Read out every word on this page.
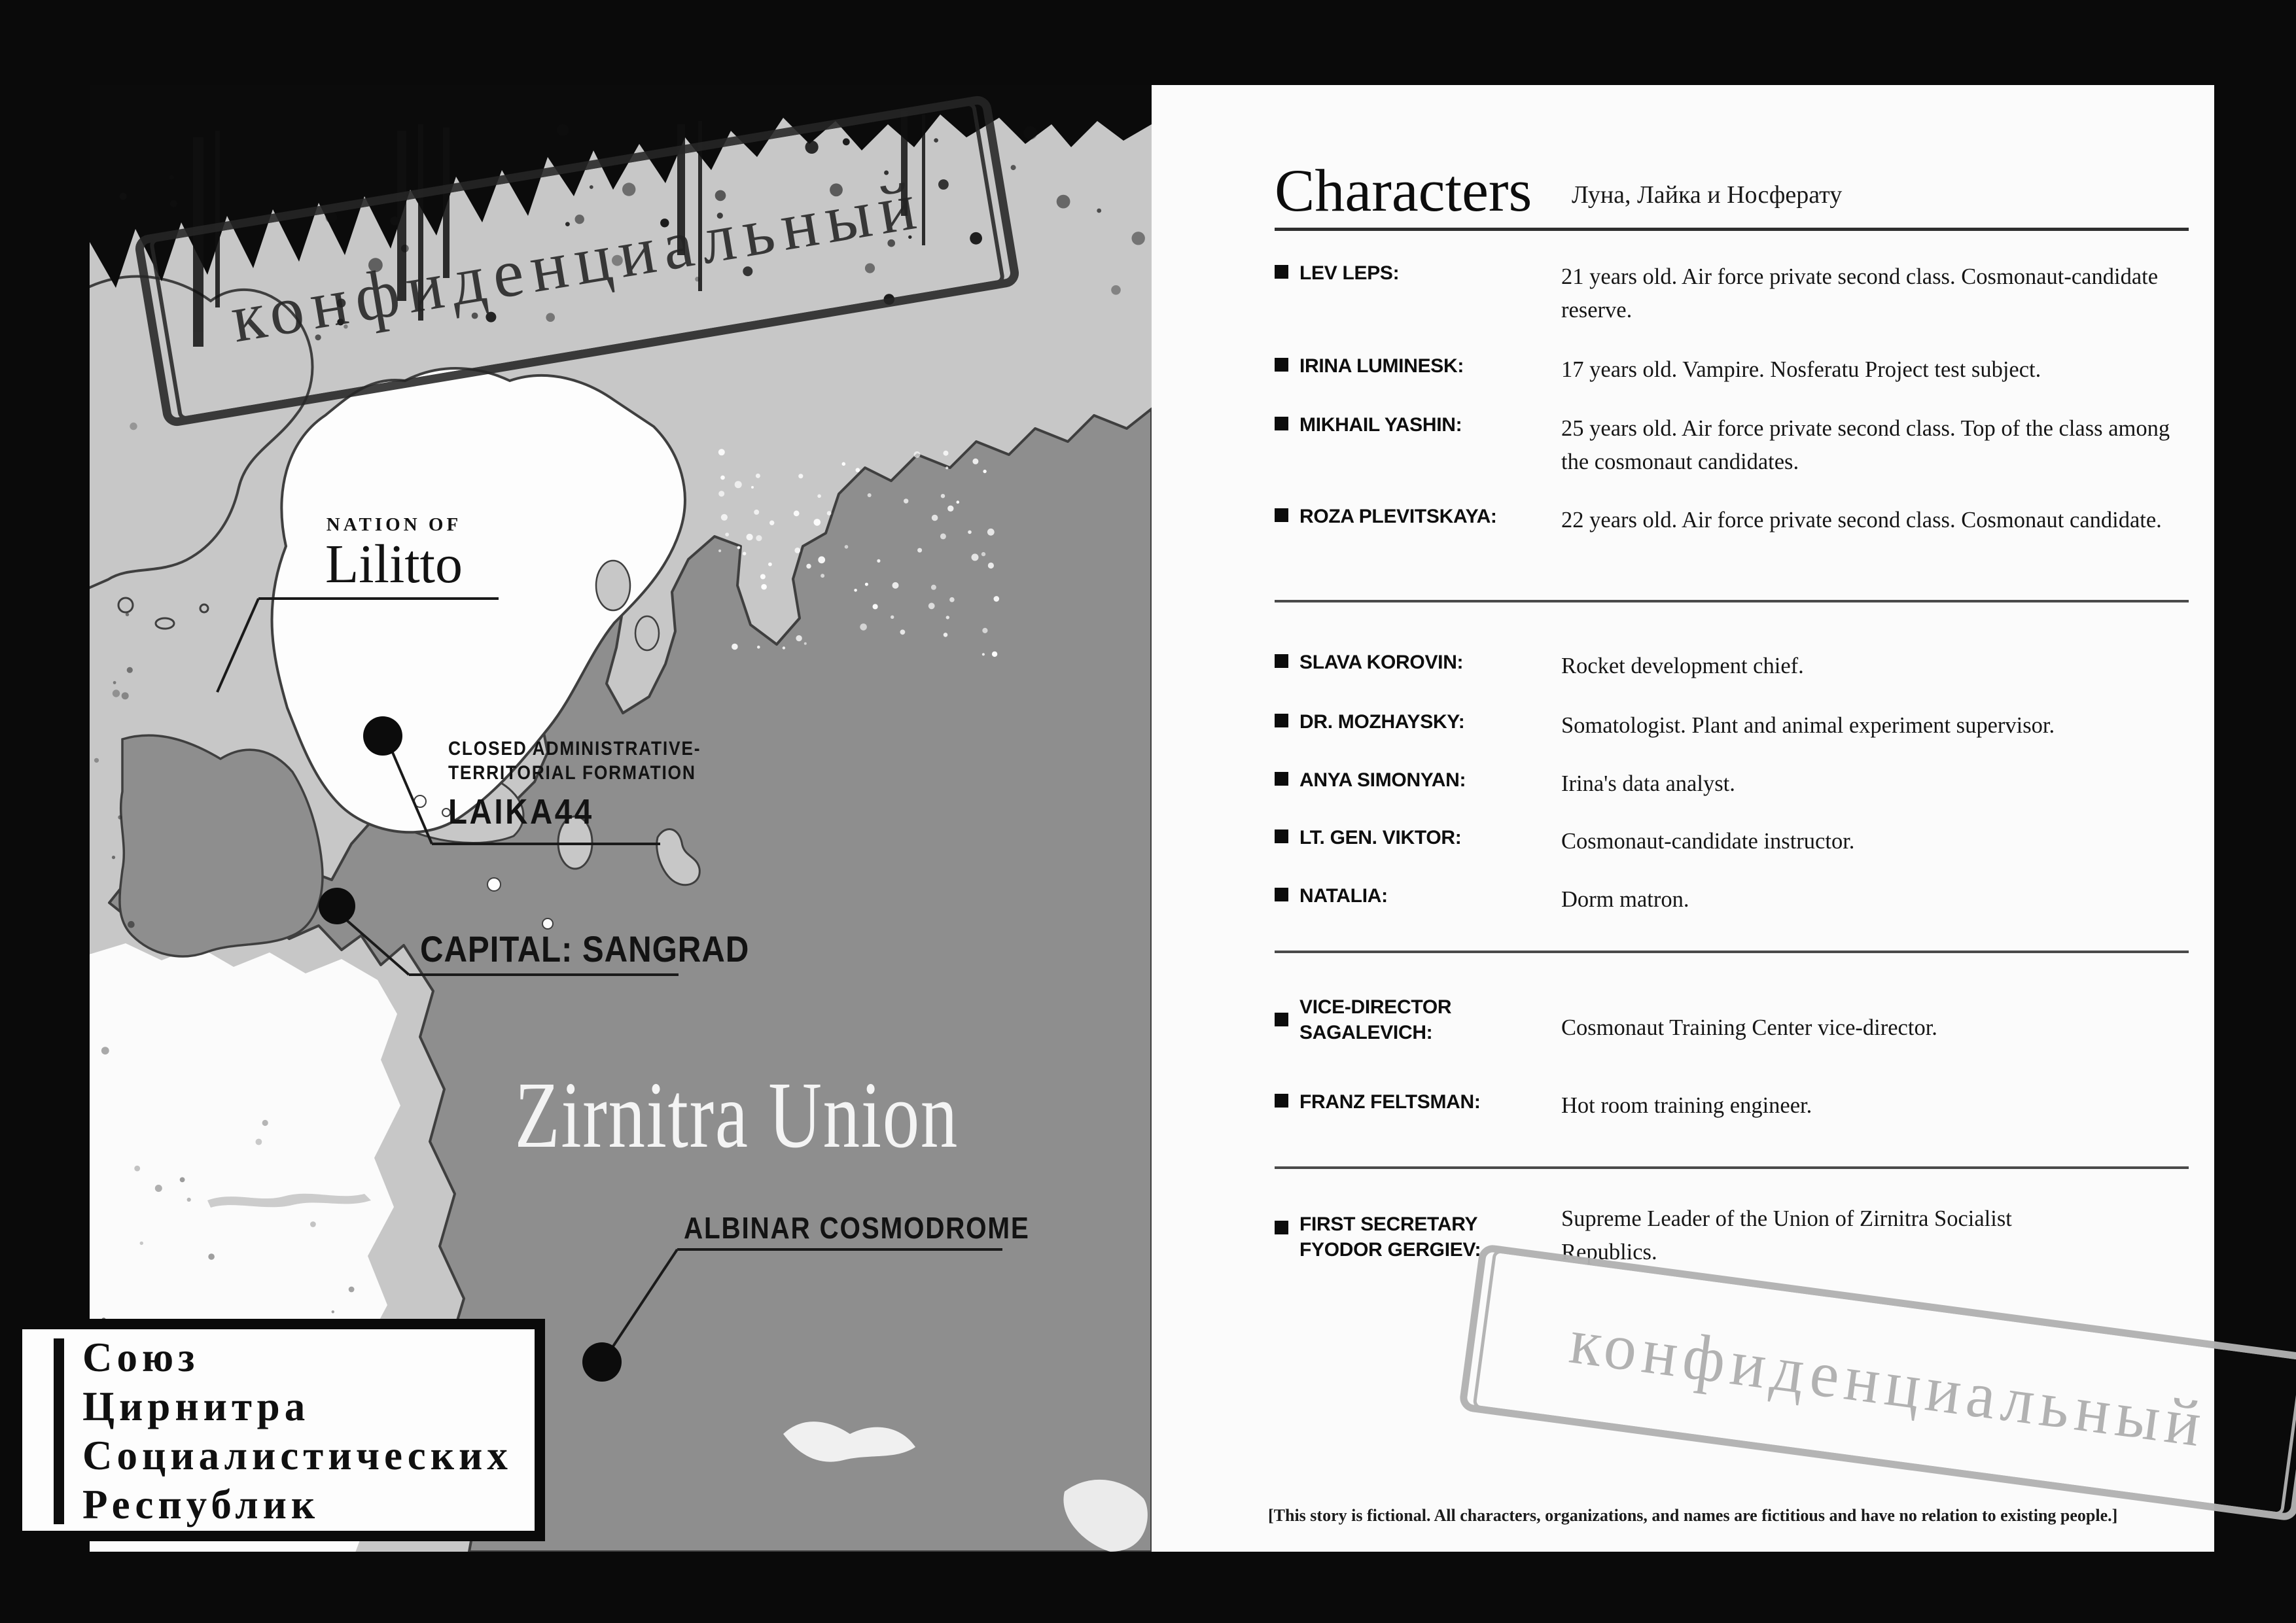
NATION OF
Lilitto
CLOSED ADMINISTRATIVE-
TERRITORIAL FORMATION
LAIKA44
CAPITAL: SANGRAD
Zirnitra Union
ALBINAR COSMODROME
Characters Луна, Лайка и Носферату
LEV LEPS:	21 years old. Air force private second class. Cosmonaut-candidate reserve.
IRINA LUMINESK:	17 years old. Vampire. Nosferatu Project test subject.
MIKHAIL YASHIN:	25 years old. Air force private second class. Top of the class among the cosmonaut candidates.
ROZA PLEVITSKAYA:	22 years old. Air force private second class. Cosmonaut candidate.
SLAVA KOROVIN:	Rocket development chief.
DR. MOZHAYSKY:	Somatologist. Plant and animal experiment supervisor.
ANYA SIMONYAN:	Irina's data analyst.
LT. GEN. VIKTOR:	Cosmonaut-candidate instructor.
NATALIA:	Dorm matron.
VICE-DIRECTOR
SAGALEVICH:	Cosmonaut Training Center vice-director.
FRANZ FELTSMAN:	Hot room training engineer.
FIRST SECRETARY
FYODOR GERGIEV:
Supreme Leader of the Union of Zirnitra Socialist Republics.
[This story is fictional. All characters, organizations, and names are fictitious and have no relation to existing people.]
Союз
Цирнитра
Социалистических
Республик
конфиденциальный
конфиденциальный
